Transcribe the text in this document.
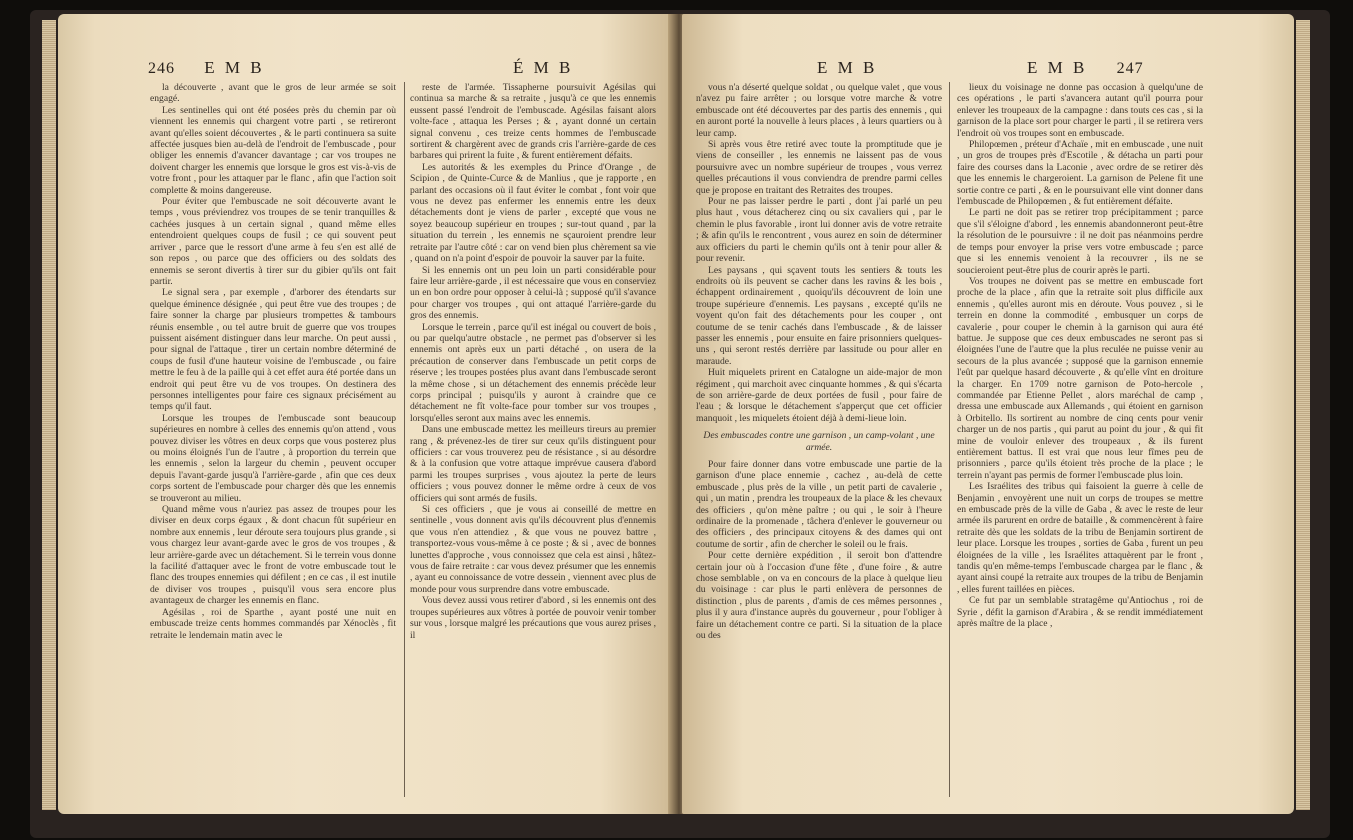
246 E M B	É M B

la découverte , avant que le gros de leur armée se soit engagé.

Les sentinelles qui ont été posées près du chemin par où viennent les ennemis qui chargent votre parti , se retireront avant qu'elles soient découvertes , & le parti continuera sa suite affectée jusques bien au-delà de l'endroit de l'embuscade , pour obliger les ennemis d'avancer davantage ; car vos troupes ne doivent charger les ennemis que lorsque le gros est vis-à-vis de votre front , pour les attaquer par le flanc , afin que l'action soit complette & moins dangereuse.

Pour éviter que l'embuscade ne soit découverte avant le temps , vous préviendrez vos troupes de se tenir tranquilles & cachées jusques à un certain signal , quand même elles entendroient quelques coups de fusil ; ce qui souvent peut arriver , parce que le ressort d'une arme à feu s'en est allé de son repos , ou parce que des officiers ou des soldats des ennemis se seront divertis à tirer sur du gibier qu'ils ont fait partir.

Le signal sera , par exemple , d'arborer des étendarts sur quelque éminence désignée , qui peut être vue des troupes ; de faire sonner la charge par plusieurs trompettes & tambours réunis ensemble , ou tel autre bruit de guerre que vos troupes puissent aisément distinguer dans leur marche. On peut aussi , pour signal de l'attaque , tirer un certain nombre déterminé de coups de fusil d'une hauteur voisine de l'embuscade , ou faire mettre le feu à de la paille qui à cet effet aura été portée dans un endroit qui peut être vu de vos troupes. On destinera des personnes intelligentes pour faire ces signaux précisément au temps qu'il faut.

Lorsque les troupes de l'embuscade sont beaucoup supérieures en nombre à celles des ennemis qu'on attend , vous pouvez diviser les vôtres en deux corps que vous posterez plus ou moins éloignés l'un de l'autre , à proportion du terrein que les ennemis , selon la largeur du chemin , peuvent occuper depuis l'avant-garde jusqu'à l'arrière-garde , afin que ces deux corps sortent de l'embuscade pour charger dès que les ennemis se trouveront au milieu.

Quand même vous n'auriez pas assez de troupes pour les diviser en deux corps égaux , & dont chacun fût supérieur en nombre aux ennemis , leur déroute sera toujours plus grande , si vous chargez leur avant-garde avec le gros de vos troupes , & leur arrière-garde avec un détachement. Si le terrein vous donne la facilité d'attaquer avec le front de votre embuscade tout le flanc des troupes ennemies qui défilent ; en ce cas , il est inutile de diviser vos troupes , puisqu'il vous sera encore plus avantageux de charger les ennemis en flanc.

Agésilas , roi de Sparthe , ayant posté une nuit en embuscade treize cents hommes commandés par Xénoclès , fit retraite le lendemain matin avec le

reste de l'armée. Tissapherne poursuivit Agésilas qui continua sa marche & sa retraite , jusqu'à ce que les ennemis eussent passé l'endroit de l'embuscade. Agésilas faisant alors volte-face , attaqua les Perses ; & , ayant donné un certain signal convenu , ces treize cents hommes de l'embuscade sortirent & chargèrent avec de grands cris l'arrière-garde de ces barbares qui prirent la fuite , & furent entièrement défaits.

Les autorités & les exemples du Prince d'Orange , de Scipion , de Quinte-Curce & de Manlius , que je rapporte , en parlant des occasions où il faut éviter le combat , font voir que vous ne devez pas enfermer les ennemis entre les deux détachements dont je viens de parler , excepté que vous ne soyez beaucoup supérieur en troupes ; sur-tout quand , par la situation du terrein , les ennemis ne sçauroient prendre leur retraite par l'autre côté : car on vend bien plus chèrement sa vie , quand on n'a point d'espoir de pouvoir la sauver par la fuite.

Si les ennemis ont un peu loin un parti considérable pour faire leur arrière-garde , il est nécessaire que vous en conserviez un en bon ordre pour opposer à celui-là ; supposé qu'il s'avance pour charger vos troupes , qui ont attaqué l'arrière-garde du gros des ennemis.

Lorsque le terrein , parce qu'il est inégal ou couvert de bois , ou par quelqu'autre obstacle , ne permet pas d'observer si les ennemis ont après eux un parti détaché , on usera de la précaution de conserver dans l'embuscade un petit corps de réserve ; les troupes postées plus avant dans l'embuscade seront la même chose , si un détachement des ennemis précède leur corps principal ; puisqu'ils y auront à craindre que ce détachement ne fît volte-face pour tomber sur vos troupes , lorsqu'elles seront aux mains avec les ennemis.

Dans une embuscade mettez les meilleurs tireurs au premier rang , & prévenez-les de tirer sur ceux qu'ils distinguent pour officiers : car vous trouverez peu de résistance , si au désordre & à la confusion que votre attaque imprévue causera d'abord parmi les troupes surprises , vous ajoutez la perte de leurs officiers ; vous pouvez donner le même ordre à ceux de vos officiers qui sont armés de fusils.

Si ces officiers , que je vous ai conseillé de mettre en sentinelle , vous donnent avis qu'ils découvrent plus d'ennemis que vous n'en attendiez , & que vous ne pouvez battre , transportez-vous vous-même à ce poste ; & si , avec de bonnes lunettes d'approche , vous connoissez que cela est ainsi , hâtez-vous de faire retraite : car vous devez présumer que les ennemis , ayant eu connoissance de votre dessein , viennent avec plus de monde pour vous surprendre dans votre embuscade.

Vous devez aussi vous retirer d'abord , si les ennemis ont des troupes supérieures aux vôtres à portée de pouvoir venir tomber sur vous , lorsque malgré les précautions que vous aurez prises , il

E M B	E M B 247

vous n'a déserté quelque soldat , ou quelque valet , que vous n'avez pu faire arrêter ; ou lorsque votre marche & votre embuscade ont été découvertes par des partis des ennemis , qui en auront porté la nouvelle à leurs places , à leurs quartiers ou à leur camp.

Si après vous être retiré avec toute la promptitude que je viens de conseiller , les ennemis ne laissent pas de vous poursuivre avec un nombre supérieur de troupes , vous verrez quelles précautions il vous conviendra de prendre parmi celles que je propose en traitant des Retraites des troupes.

Pour ne pas laisser perdre le parti , dont j'ai parlé un peu plus haut , vous détacherez cinq ou six cavaliers qui , par le chemin le plus favorable , iront lui donner avis de votre retraite ; & afin qu'ils le rencontrent , vous aurez en soin de déterminer aux officiers du parti le chemin qu'ils ont à tenir pour aller & pour revenir.

Les paysans , qui sçavent touts les sentiers & touts les endroits où ils peuvent se cacher dans les ravins & les bois , échappent ordinairement , quoiqu'ils découvrent de loin une troupe supérieure d'ennemis. Les paysans , excepté qu'ils ne voyent qu'on fait des détachements pour les couper , ont coutume de se tenir cachés dans l'embuscade , & de laisser passer les ennemis , pour ensuite en faire prisonniers quelques-uns , qui seront restés derrière par lassitude ou pour aller en maraude.

Huit miquelets prirent en Catalogne un aide-major de mon régiment , qui marchoit avec cinquante hommes , & qui s'écarta de son arrière-garde de deux portées de fusil , pour faire de l'eau ; & lorsque le détachement s'apperçut que cet officier manquoit , les miquelets étoient déjà à demi-lieue loin.

Des embuscades contre une garnison , un camp-volant , une armée.

Pour faire donner dans votre embuscade une partie de la garnison d'une place ennemie , cachez , au-delà de cette embuscade , plus près de la ville , un petit parti de cavalerie , qui , un matin , prendra les troupeaux de la place & les chevaux des officiers , qu'on mène paître ; ou qui , le soir à l'heure ordinaire de la promenade , tâchera d'enlever le gouverneur ou des officiers , des principaux citoyens & des dames qui ont coutume de sortir , afin de chercher le soleil ou le frais.

Pour cette dernière expédition , il seroit bon d'attendre certain jour où à l'occasion d'une fête , d'une foire , & autre chose semblable , on va en concours de la place à quelque lieu du voisinage : car plus le parti enlèvera de personnes de distinction , plus de parents , d'amis de ces mêmes personnes , plus il y aura d'instance auprès du gouverneur , pour l'obliger à faire un détachement contre ce parti. Si la situation de la place ou des

lieux du voisinage ne donne pas occasion à quelqu'une de ces opérations , le parti s'avancera autant qu'il pourra pour enlever les troupeaux de la campagne : dans touts ces cas , si la garnison de la place sort pour charger le parti , il se retirera vers l'endroit où vos troupes sont en embuscade.

Philopœmen , préteur d'Achaïe , mit en embuscade , une nuit , un gros de troupes près d'Escotile , & détacha un parti pour faire des courses dans la Laconie , avec ordre de se retirer dès que les ennemis le chargeroient. La garnison de Pelene fit une sortie contre ce parti , & en le poursuivant elle vint donner dans l'embuscade de Philopœmen , & fut entièrement défaite.

Le parti ne doit pas se retirer trop précipitamment ; parce que s'il s'éloigne d'abord , les ennemis abandonneront peut-être la résolution de le poursuivre : il ne doit pas néanmoins perdre de temps pour envoyer la prise vers votre embuscade ; parce que si les ennemis venoient à la recouvrer , ils ne se soucieroient peut-être plus de courir après le parti.

Vos troupes ne doivent pas se mettre en embuscade fort proche de la place , afin que la retraite soit plus difficile aux ennemis , qu'elles auront mis en déroute. Vous pouvez , si le terrein en donne la commodité , embusquer un corps de cavalerie , pour couper le chemin à la garnison qui aura été battue. Je suppose que ces deux embuscades ne seront pas si éloignées l'une de l'autre que la plus reculée ne puisse venir au secours de la plus avancée ; supposé que la garnison ennemie l'eût par quelque hasard découverte , & qu'elle vînt en droiture la charger. En 1709 notre garnison de Poto-hercole , commandée par Etienne Pellet , alors maréchal de camp , dressa une embuscade aux Allemands , qui étoient en garnison à Orbitello. Ils sortirent au nombre de cinq cents pour venir charger un de nos partis , qui parut au point du jour , & qui fit mine de vouloir enlever des troupeaux , & ils furent entièrement battus. Il est vrai que nous leur fîmes peu de prisonniers , parce qu'ils étoient très proche de la place ; le terrein n'ayant pas permis de former l'embuscade plus loin.

Les Israélites des tribus qui faisoient la guerre à celle de Benjamin , envoyèrent une nuit un corps de troupes se mettre en embuscade près de la ville de Gaba , & avec le reste de leur armée ils parurent en ordre de bataille , & commencèrent à faire retraite dès que les soldats de la tribu de Benjamin sortirent de leur place. Lorsque les troupes , sorties de Gaba , furent un peu éloignées de la ville , les Israélites attaquèrent par le front , tandis qu'en même-temps l'embuscade chargea par le flanc , & ayant ainsi coupé la retraite aux troupes de la tribu de Benjamin , elles furent taillées en pièces.

Ce fut par un semblable stratagême qu'Antiochus , roi de Syrie , défit la garnison d'Arabira , & se rendit immédiatement après maître de la place ,
